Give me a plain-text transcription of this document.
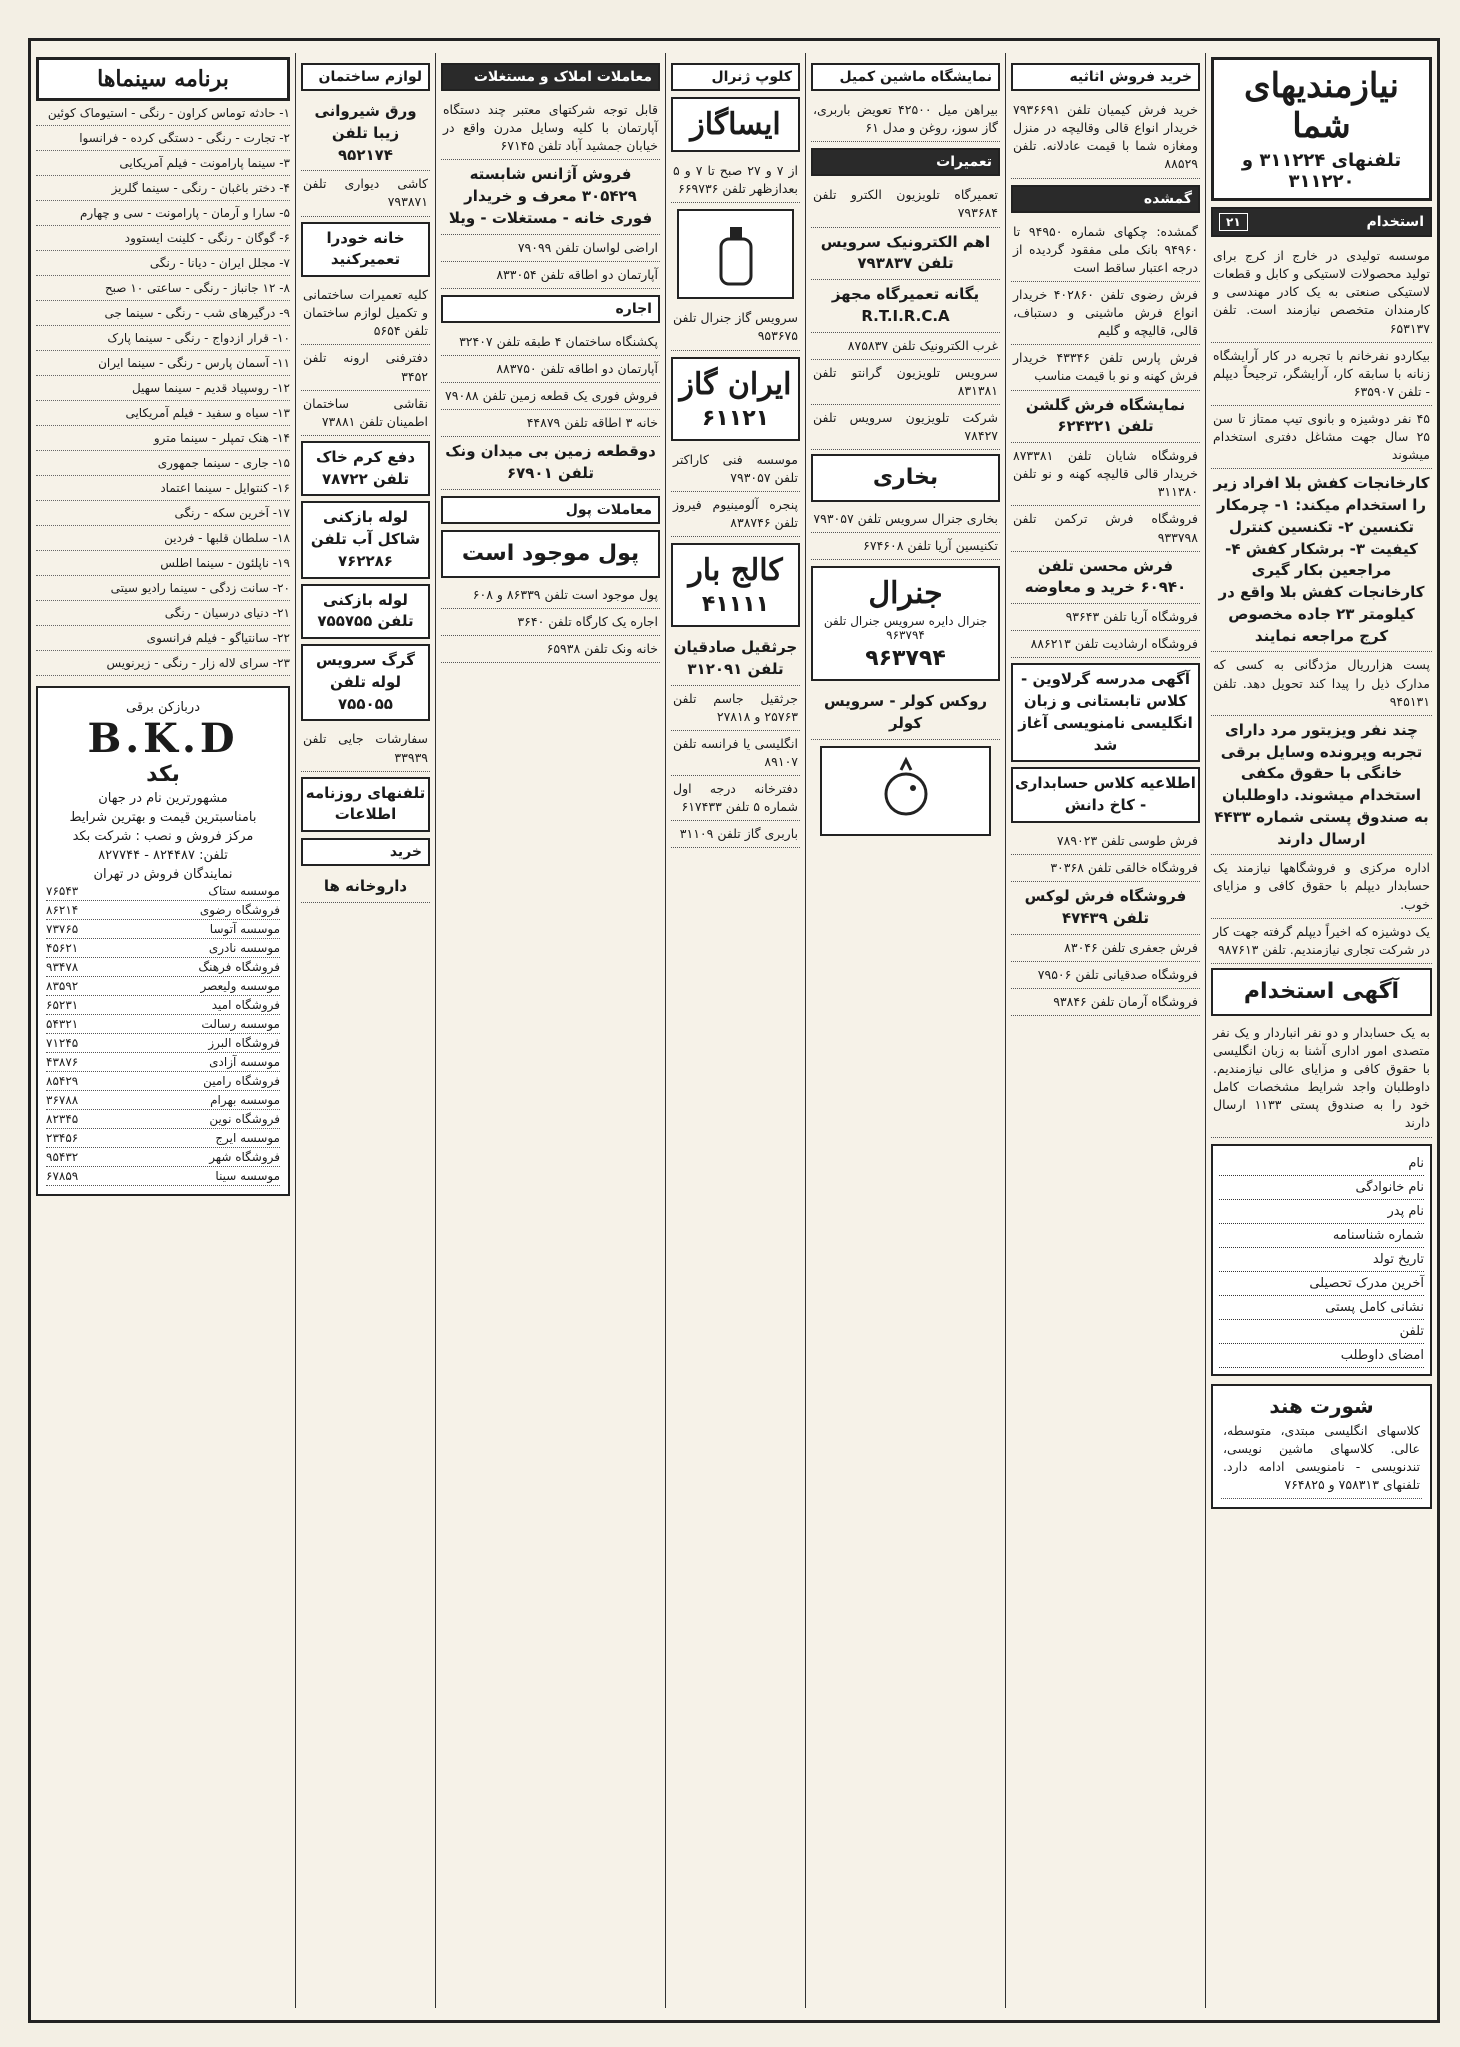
نیازمندیهای شما
تلفنهای ۳۱۱۲۲۴ و ۳۱۱۲۲۰
استخدام
۲۱
موسسه تولیدی در خارج از کرج برای تولید محصولات لاستیکی و کابل و قطعات لاستیکی صنعتی به یک کادر مهندسی و کارمندان متخصص نیازمند است. تلفن ۶۵۳۱۳۷
بیکاردو نفرخانم با تجربه در کار آرایشگاه زنانه با سابقه کار، آرایشگر، ترجیحاً دیپلم - تلفن ۶۳۵۹۰۷
۴۵ نفر دوشیزه و بانوی تیپ ممتاز تا سن ۲۵ سال جهت مشاغل دفتری استخدام میشوند
کارخانجات کفش بلا افراد زیر را استخدام میکند: ۱- چرمکار تکنسین ۲- تکنسین کنترل کیفیت ۳- برشکار کفش ۴- مراجعین بکار گیری کارخانجات کفش بلا واقع در کیلومتر ۲۳ جاده مخصوص کرج مراجعه نمایند
پست هزارریال مژدگانی به کسی که مدارک ذیل را پیدا کند تحویل دهد. تلفن ۹۴۵۱۳۱
چند نفر ویزیتور مرد دارای تجربه وپرونده وسایل برقی خانگی با حقوق مکفی استخدام میشوند. داوطلبان به صندوق پستی شماره ۴۴۳۳ ارسال دارند
اداره مرکزی و فروشگاهها نیازمند یک حسابدار دیپلم با حقوق کافی و مزایای خوب.
یک دوشیزه که اخیراً دیپلم گرفته جهت کار در شرکت تجاری نیازمندیم. تلفن ۹۸۷۶۱۳
آگهی استخدام
به یک حسابدار و دو نفر انباردار و یک نفر متصدی امور اداری آشنا به زبان انگلیسی با حقوق کافی و مزایای عالی نیازمندیم. داوطلبان واجد شرایط مشخصات کامل خود را به صندوق پستی ۱۱۳۳ ارسال دارند
نام
نام خانوادگی
نام پدر
شماره شناسنامه
تاریخ تولد
آخرین مدرک تحصیلی
نشانی کامل پستی
تلفن
امضای داوطلب
شورت هند
کلاسهای انگلیسی مبتدی، متوسطه، عالی. کلاسهای ماشین نویسی، تندنویسی - نامنویسی ادامه دارد. تلفنهای ۷۵۸۳۱۳ و ۷۶۴۸۲۵
خرید فروش اثاثیه
خرید فرش کیمیان تلفن ۷۹۳۶۶۹۱ خریدار انواع قالی وقالیچه در منزل ومغازه شما با قیمت عادلانه. تلفن ۸۸۵۲۹
گمشده
گمشده: چکهای شماره ۹۴۹۵۰ تا ۹۴۹۶۰ بانک ملی مفقود گردیده از درجه اعتبار ساقط است
فرش رضوی تلفن ۴۰۲۸۶۰ خریدار انواع فرش ماشینی و دستباف، قالی، قالیچه و گلیم
فرش پارس تلفن ۴۳۳۴۶ خریدار فرش کهنه و نو با قیمت مناسب
نمایشگاه فرش گلشن تلفن ۶۲۴۳۲۱
فروشگاه شایان تلفن ۸۷۳۳۸۱ خریدار قالی قالیچه کهنه و نو تلفن ۳۱۱۳۸۰
فروشگاه فرش ترکمن تلفن ۹۳۳۷۹۸
فرش محسن تلفن ۶۰۹۴۰ خرید و معاوضه
فروشگاه آریا تلفن ۹۳۶۴۳
فروشگاه ارشادیت تلفن ۸۸۶۲۱۳
آگهی مدرسه گرلاوین - کلاس تابستانی و زبان انگلیسی نامنویسی آغاز شد
اطلاعیه کلاس حسابداری - کاخ دانش
فرش طوسی تلفن ۷۸۹۰۲۳
فروشگاه خالقی تلفن ۳۰۳۶۸
فروشگاه فرش لوکس تلفن ۴۷۴۳۹
فرش جعفری تلفن ۸۳۰۴۶
فروشگاه صدقیانی تلفن ۷۹۵۰۶
فروشگاه آرمان تلفن ۹۳۸۴۶
نمایشگاه ماشین کمیل
بیراهن میل ۴۲۵۰۰ تعویض باربری، گاز سوز، روغن و مدل ۶۱
تعمیرات
تعمیرگاه تلویزیون الکترو تلفن ۷۹۳۶۸۴
اهم الکترونیک سرویس تلفن ۷۹۳۸۳۷
یگانه تعمیرگاه مجهز R.T.I.R.C.A
غرب الکترونیک تلفن ۸۷۵۸۳۷
سرویس تلویزیون گرانتو تلفن ۸۳۱۳۸۱
شرکت تلویزیون سرویس تلفن ۷۸۴۲۷
بخاری
بخاری جنرال سرویس تلفن ۷۹۳۰۵۷
تکنیسین آریا تلفن ۶۷۴۶۰۸
جنرال
جنرال دایره سرویس جنرال تلفن ۹۶۳۷۹۴
۹۶۳۷۹۴
روکس کولر - سرویس کولر
کلوپ ژنرال
ایساگاز
از ۷ و ۲۷ صبح تا ۷ و ۵ بعدازظهر تلفن ۶۶۹۷۳۶
سرویس گاز جنرال تلفن ۹۵۳۶۷۵
ایران گاز
۶۱۱۲۱
موسسه فنی کاراکتر تلفن ۷۹۳۰۵۷
پنجره آلومینیوم فیروز تلفن ۸۳۸۷۴۶
کالج بار
۴۱۱۱۱
جرثقیل صادقیان تلفن ۳۱۲۰۹۱
جرثقیل جاسم تلفن ۲۵۷۶۳ و ۲۷۸۱۸
انگلیسی یا فرانسه تلفن ۸۹۱۰۷
دفترخانه درجه اول شماره ۵ تلفن ۶۱۷۴۳۳
باربری گاز تلفن ۳۱۱۰۹
معاملات املاک و مستغلات
قابل توجه شرکتهای معتبر چند دستگاه آپارتمان با کلیه وسایل مدرن واقع در خیابان جمشید آباد تلفن ۶۷۱۴۵
فروش آژانس شابسته ۳۰۵۴۲۹ معرف و خریدار فوری خانه - مستغلات - ویلا
اراضی لواسان تلفن ۷۹۰۹۹
آپارتمان دو اطاقه تلفن ۸۳۳۰۵۴
اجاره
پکشنگاه ساختمان ۴ طبقه تلفن ۳۲۴۰۷
آپارتمان دو اطاقه تلفن ۸۸۳۷۵۰
فروش فوری یک قطعه زمین تلفن ۷۹۰۸۸
خانه ۳ اطاقه تلفن ۴۴۸۷۹
دوقطعه زمین بی میدان ونک تلفن ۶۷۹۰۱
معاملات پول
پول موجود است
پول موجود است تلفن ۸۶۳۳۹ و ۶۰۸
اجاره یک کارگاه تلفن ۳۶۴۰
خانه ونک تلفن ۶۵۹۳۸
لوازم ساختمان
ورق شیروانی زیبا تلفن ۹۵۲۱۷۴
کاشی دیواری تلفن ۷۹۳۸۷۱
خانه خودرا تعمیرکنید
کلیه تعمیرات ساختمانی و تکمیل لوازم ساختمان تلفن ۵۶۵۴
دفترفنی ارونه تلفن ۳۴۵۲
نقاشی ساختمان اطمینان تلفن ۷۳۸۸۱
دفع کرم خاک تلفن ۷۸۷۲۲
لوله بازکنی شاکل آب تلفن ۷۶۲۲۸۶
لوله بازکنی تلفن ۷۵۵۷۵۵
گرگ سرویس لوله تلفن ۷۵۵۰۵۵
سفارشات جایی تلفن ۳۳۹۳۹
تلفنهای روزنامه اطلاعات
خرید
داروخانه ها
برنامه سینماها
۱- حادثه توماس کراون - رنگی - استیوماک کوئین
۲- تجارت - رنگی - دستگی کرده - فرانسوا
۳- سینما پارامونت - فیلم آمریکایی
۴- دختر باغبان - رنگی - سینما گلریز
۵- سارا و آرمان - پارامونت - سی و چهارم
۶- گوگان - رنگی - کلینت ایستوود
۷- مجلل ایران - دیانا - رنگی
۸- ۱۲ جانباز - رنگی - ساعتی ۱۰ صبح
۹- درگیرهای شب - رنگی - سینما جی
۱۰- قرار ازدواج - رنگی - سینما پارک
۱۱- آسمان پارس - رنگی - سینما ایران
۱۲- روسپیاد قدیم - سینما سهیل
۱۳- سیاه و سفید - فیلم آمریکایی
۱۴- هنک تمپلر - سینما مترو
۱۵- جاری - سینما جمهوری
۱۶- کنتوایل - سینما اعتماد
۱۷- آخرین سکه - رنگی
۱۸- سلطان قلبها - فردین
۱۹- ناپلئون - سینما اطلس
۲۰- سانت زدگی - سینما رادیو سیتی
۲۱- دنیای درسیان - رنگی
۲۲- سانتیاگو - فیلم فرانسوی
۲۳- سرای لاله زار - رنگی - زیرنویس
دربازکن برقی
B.K.D
بکد
مشهورترین نام در جهان
بامناسبترین قیمت و بهترین شرایط
مرکز فروش و نصب : شرکت بکد
تلفن: ۸۲۴۴۸۷ - ۸۲۷۷۴۴
نمایندگان فروش در تهران
موسسه ستاک
۷۶۵۴۳
فروشگاه رضوی
۸۶۲۱۴
موسسه آتوسا
۷۳۷۶۵
موسسه نادری
۴۵۶۲۱
فروشگاه فرهنگ
۹۳۴۷۸
موسسه ولیعصر
۸۳۵۹۲
فروشگاه امید
۶۵۲۳۱
موسسه رسالت
۵۴۳۲۱
فروشگاه البرز
۷۱۲۴۵
موسسه آزادی
۴۳۸۷۶
فروشگاه رامین
۸۵۴۲۹
موسسه بهرام
۳۶۷۸۸
فروشگاه نوین
۸۲۳۴۵
موسسه ایرج
۲۳۴۵۶
فروشگاه شهر
۹۵۴۳۲
موسسه سینا
۶۷۸۵۹
